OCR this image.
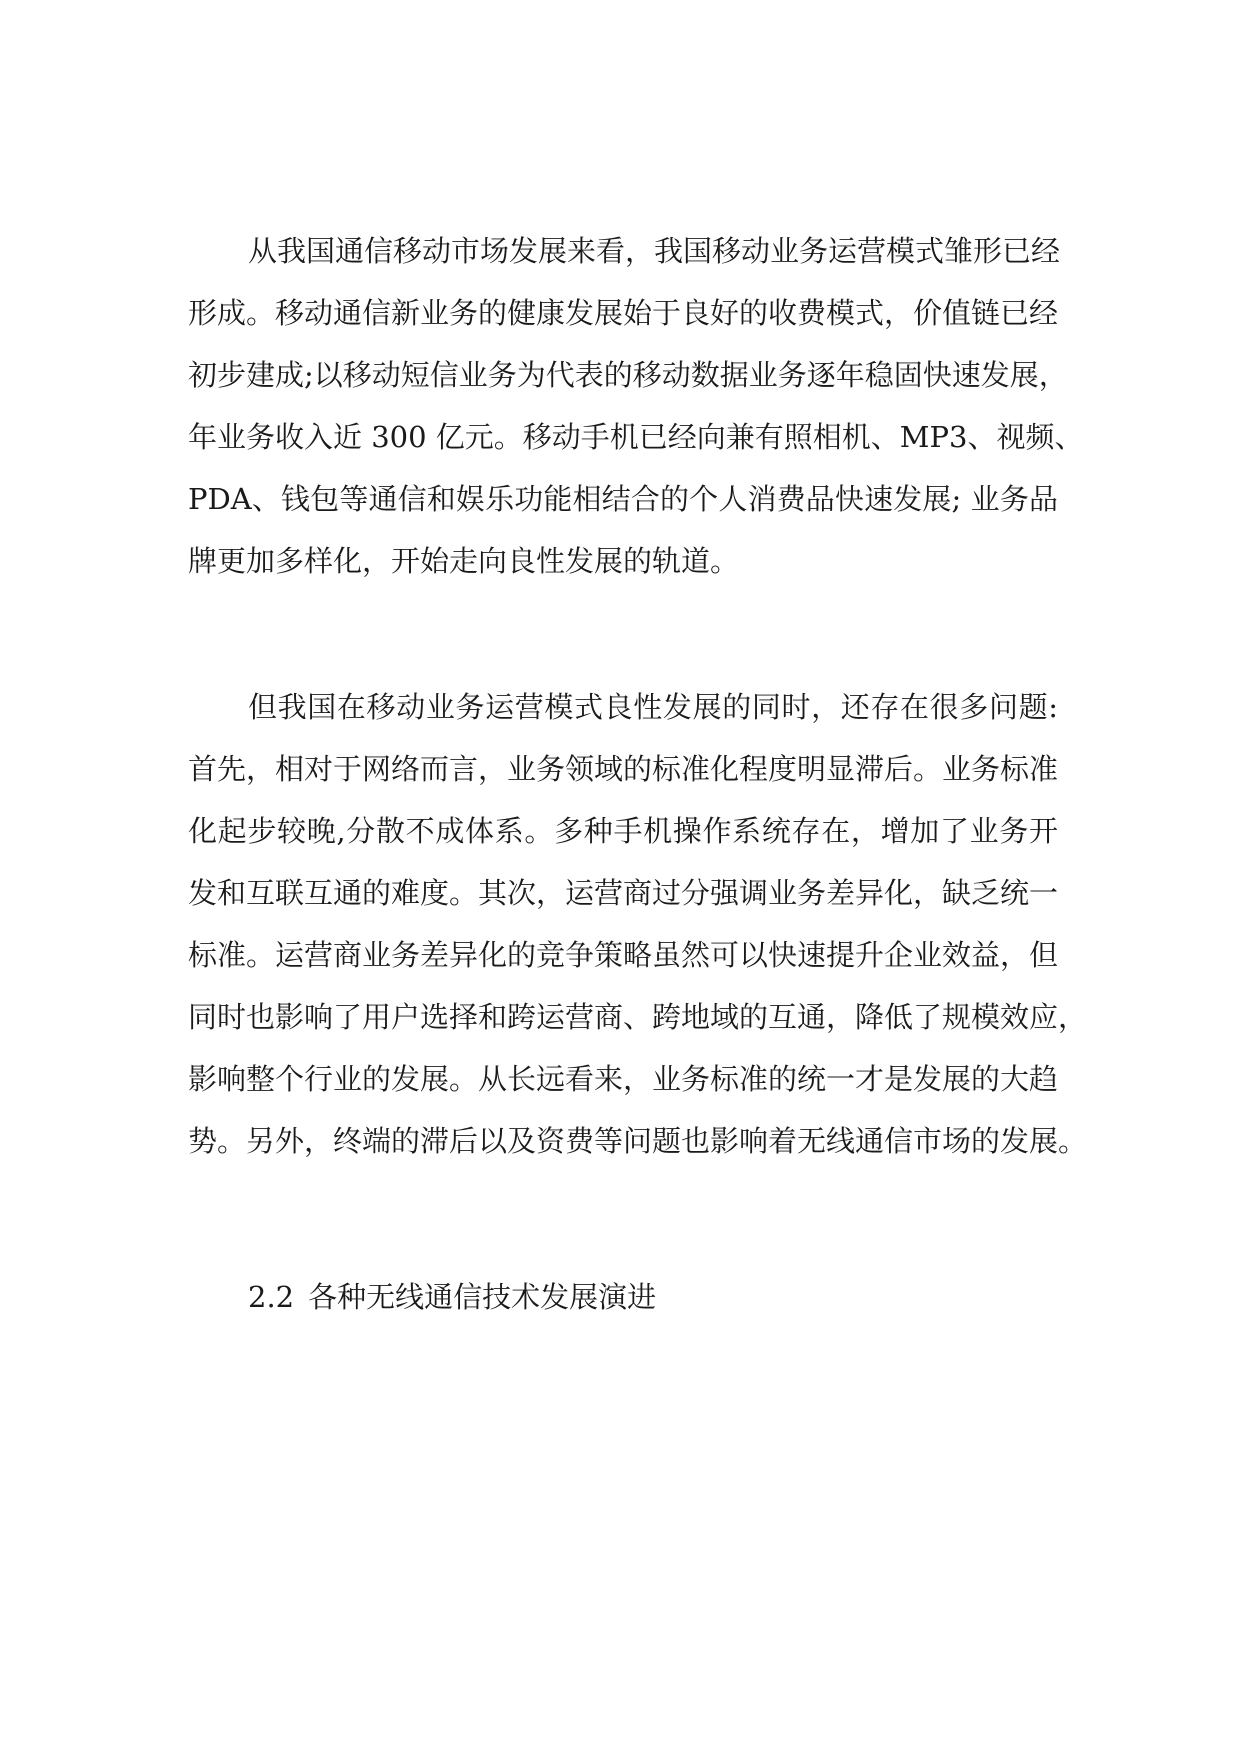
从我国通信移动市场发展来看，我国移动业务运营模式雏形已经
形成。移动通信新业务的健康发展始于良好的收费模式，价值链已经
初步建成;以移动短信业务为代表的移动数据业务逐年稳固快速发展，
年业务收入近 300 亿元。移动手机已经向兼有照相机、MP3、视频、
PDA、钱包等通信和娱乐功能相结合的个人消费品快速发展; 业务品
牌更加多样化，开始走向良性发展的轨道。
但我国在移动业务运营模式良性发展的同时，还存在很多问题:
首先，相对于网络而言，业务领域的标准化程度明显滞后。业务标准
化起步较晚,分散不成体系。多种手机操作系统存在，增加了业务开
发和互联互通的难度。其次，运营商过分强调业务差异化，缺乏统一
标准。运营商业务差异化的竞争策略虽然可以快速提升企业效益，但
同时也影响了用户选择和跨运营商、跨地域的互通，降低了规模效应，
影响整个行业的发展。从长远看来，业务标准的统一才是发展的大趋
势。另外，终端的滞后以及资费等问题也影响着无线通信市场的发展。
2.2 各种无线通信技术发展演进
